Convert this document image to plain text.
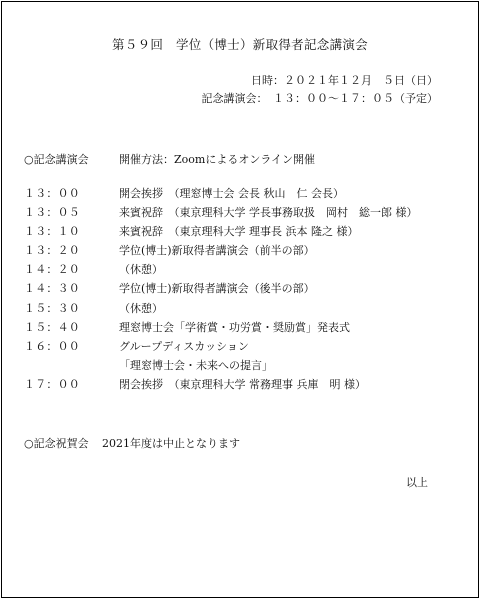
第５９回　学位（博士）新取得者記念講演会
日時：２０２１年１２月　５日（日）
記念講演会：　１３：００～１７：０５（予定）
○記念講演会	開催方法：Zoomによるオンライン開催
１３：００	開会挨拶　（理窓博士会 会長 秋山　仁 会長）
１３：０５	来賓祝辞　（東京理科大学 学長事務取扱　岡村　総一郎 様）
１３：１０	来賓祝辞　（東京理科大学 理事長 浜本 隆之 様）
１３：２０	学位(博士)新取得者講演会（前半の部）
１４：２０	（休憩）
１４：３０	学位(博士)新取得者講演会（後半の部）
１５：３０	（休憩）
１５：４０	理窓博士会「学術賞・功労賞・奨励賞」発表式
１６：００	グループディスカッション
「理窓博士会・未来への提言」
１７：００	閉会挨拶　（東京理科大学 常務理事 兵庫　明 様）
○記念祝賀会 2021年度は中止となります
以上
